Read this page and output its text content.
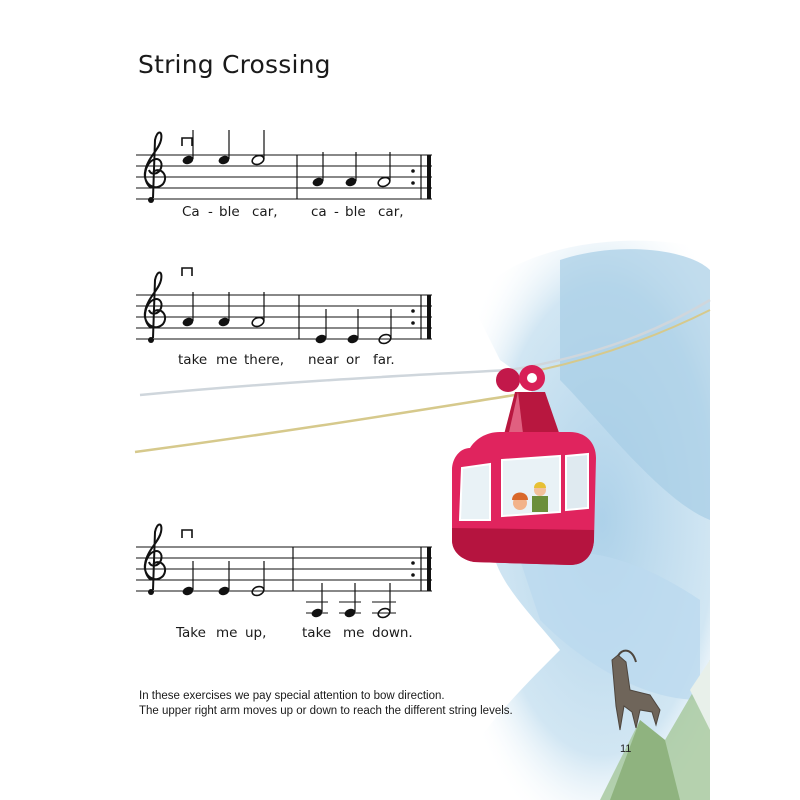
String Crossing
Ca - ble car, ca - ble car,
take me there, near or far.
Take me up,	take me down.
In these exercises we pay special attention to bow direction.
The upper right arm moves up or down to reach the different string levels.
11
